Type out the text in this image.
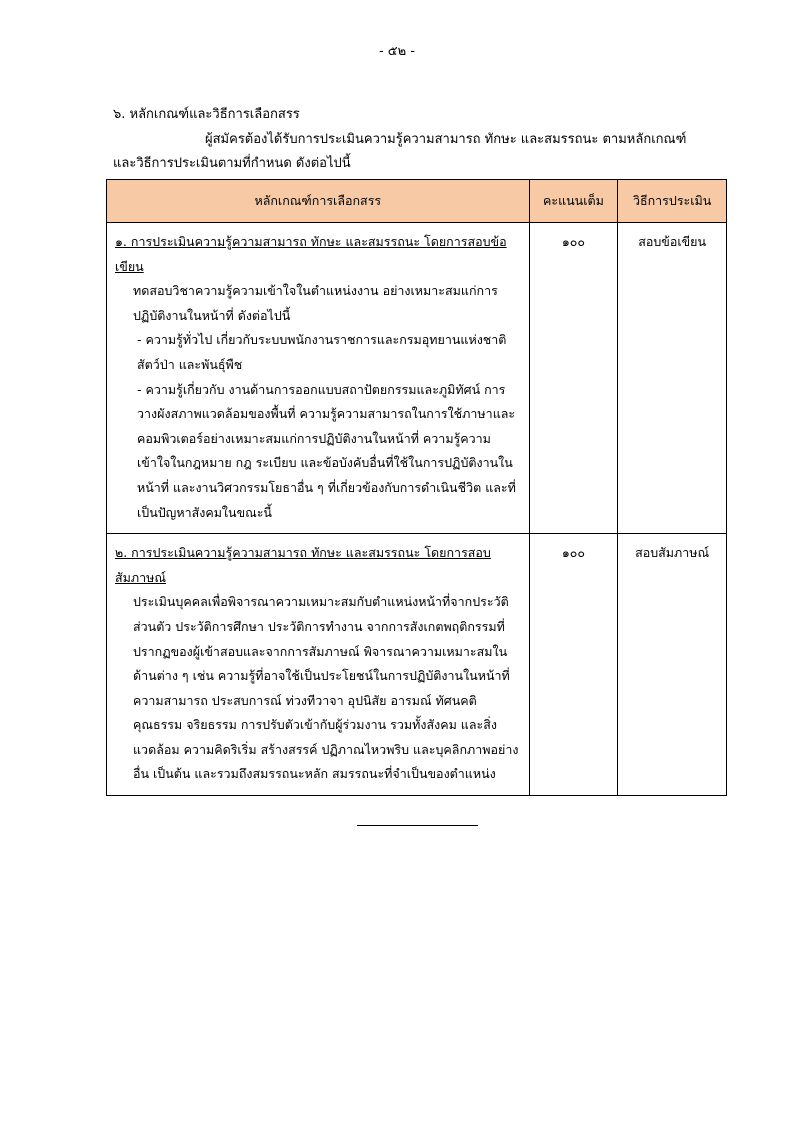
- ๕๒ -
๖. หลักเกณฑ์และวิธีการเลือกสรร
ผู้สมัครต้องได้รับการประเมินความรู้ความสามารถ ทักษะ และสมรรถนะ ตามหลักเกณฑ์
และวิธีการประเมินตามที่กำหนด ดังต่อไปนี้
หลักเกณฑ์การเลือกสรร	คะแนนเต็ม	วิธีการประเมิน

๑. การประเมินความรู้ความสามารถ ทักษะ และสมรรถนะ โดยการสอบข้อเขียน
ทดสอบวิชาความรู้ความเข้าใจในตำแหน่งงาน อย่างเหมาะสมแก่การปฏิบัติงานในหน้าที่ ดังต่อไปนี้
- ความรู้ทั่วไป เกี่ยวกับระบบพนักงานราชการและกรมอุทยานแห่งชาติ สัตว์ป่า และพันธุ์พืช
- ความรู้เกี่ยวกับ งานด้านการออกแบบสถาปัตยกรรมและภูมิทัศน์ การวางผังสภาพแวดล้อมของพื้นที่ ความรู้ความสามารถในการใช้ภาษาและคอมพิวเตอร์อย่างเหมาะสมแก่การปฏิบัติงานในหน้าที่ ความรู้ความเข้าใจในกฎหมาย กฎ ระเบียบ และข้อบังคับอื่นที่ใช้ในการปฏิบัติงานในหน้าที่ และงานวิศวกรรมโยธาอื่น ๆ ที่เกี่ยวข้องกับการดำเนินชีวิต และที่เป็นปัญหาสังคมในขณะนี้	๑๐๐	สอบข้อเขียน

๒. การประเมินความรู้ความสามารถ ทักษะ และสมรรถนะ โดยการสอบสัมภาษณ์
ประเมินบุคคลเพื่อพิจารณาความเหมาะสมกับตำแหน่งหน้าที่จากประวัติส่วนตัว ประวัติการศึกษา ประวัติการทำงาน จากการสังเกตพฤติกรรมที่ปรากฏของผู้เข้าสอบและจากการสัมภาษณ์ พิจารณาความเหมาะสมในด้านต่าง ๆ เช่น ความรู้ที่อาจใช้เป็นประโยชน์ในการปฏิบัติงานในหน้าที่ ความสามารถ ประสบการณ์ ท่วงทีวาจา อุปนิสัย อารมณ์ ทัศนคติ คุณธรรม จริยธรรม การปรับตัวเข้ากับผู้ร่วมงาน รวมทั้งสังคม และสิ่งแวดล้อม ความคิดริเริ่ม สร้างสรรค์ ปฏิภาณไหวพริบ และบุคลิกภาพอย่างอื่น เป็นต้น และรวมถึงสมรรถนะหลัก สมรรถนะที่จำเป็นของตำแหน่ง	๑๐๐	สอบสัมภาษณ์
